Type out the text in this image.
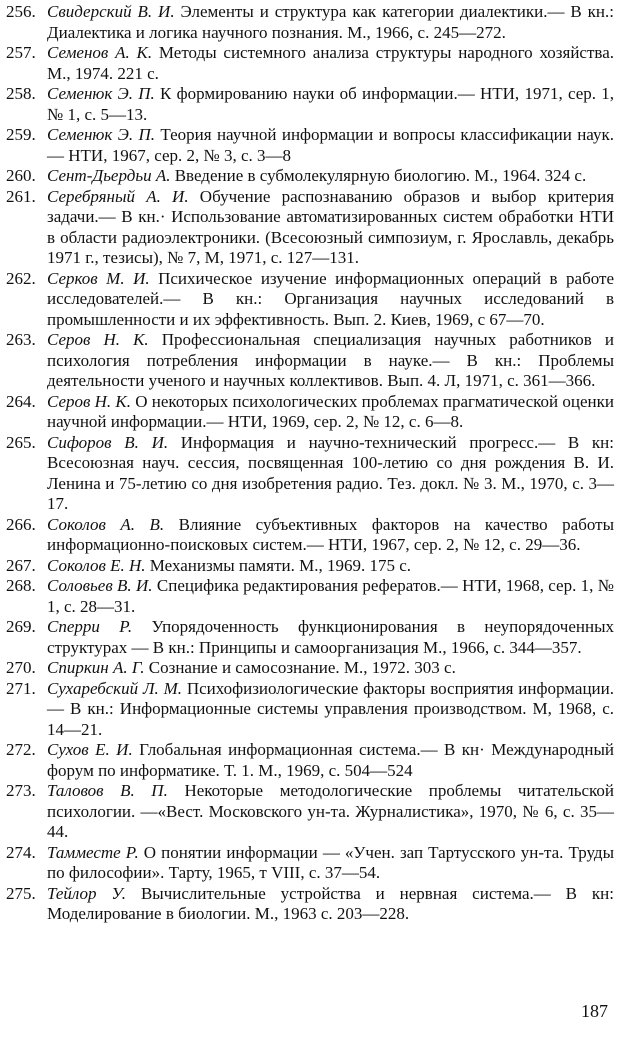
256. Свидерский В. И. Элементы и структура как категории диалектики.— В кн.: Диалектика и логика научного познания. М., 1966, с. 245—272.
257. Семенов А. К. Методы системного анализа структуры народного хозяйства. М., 1974. 221 с.
258. Семенюк Э. П. К формированию науки об информации.— НТИ, 1971, сер. 1, № 1, с. 5—13.
259. Семенюк Э. П. Теория научной информации и вопросы классификации наук.— НТИ, 1967, сер. 2, № 3, с. 3—8
260. Сент-Дьердьи А. Введение в субмолекулярную биологию. М., 1964. 324 с.
261. Серебряный А. И. Обучение распознаванию образов и выбор критерия задачи.— В кн.· Использование автоматизированных систем обработки НТИ в области радиоэлектроники. (Всесоюзный симпозиум, г. Ярославль, декабрь 1971 г., тезисы), № 7, М, 1971, с. 127—131.
262. Серков М. И. Психическое изучение информационных операций в работе исследователей.— В кн.: Организация научных исследований в промышленности и их эффективность. Вып. 2. Киев, 1969, с 67—70.
263. Серов Н. К. Профессиональная специализация научных работников и психология потребления информации в науке.— В кн.: Проблемы деятельности ученого и научных коллективов. Вып. 4. Л, 1971, с. 361—366.
264. Серов Н. К. О некоторых психологических проблемах прагматической оценки научной информации.— НТИ, 1969, сер. 2, № 12, с. 6—8.
265. Сифоров В. И. Информация и научно-технический прогресс.— В кн: Всесоюзная науч. сессия, посвященная 100-летию со дня рождения В. И. Ленина и 75-летию со дня изобретения радио. Тез. докл. № 3. М., 1970, с. 3—17.
266. Соколов А. В. Влияние субъективных факторов на качество работы информационно-поисковых систем.— НТИ, 1967, сер. 2, № 12, с. 29—36.
267. Соколов Е. Н. Механизмы памяти. М., 1969. 175 с.
268. Соловьев В. И. Специфика редактирования рефератов.— НТИ, 1968, сер. 1, № 1, с. 28—31.
269. Сперри Р. Упорядоченность функционирования в неупорядоченных структурах — В кн.: Принципы и самоорганизация М., 1966, с. 344—357.
270. Спиркин А. Г. Сознание и самосознание. М., 1972. 303 с.
271. Сухаребский Л. М. Психофизиологические факторы восприятия информации.— В кн.: Информационные системы управления производством. М, 1968, с. 14—21.
272. Сухов Е. И. Глобальная информационная система.— В кн· Международный форум по информатике. Т. 1. М., 1969, с. 504—524
273. Таловов В. П. Некоторые методологические проблемы читательской психологии. —«Вест. Московского ун-та. Журналистика», 1970, № 6, с. 35—44.
274. Тамместе Р. О понятии информации — «Учен. зап Тартусского ун-та. Труды по философии». Тарту, 1965, т VIII, с. 37—54.
275. Тейлор У. Вычислительные устройства и нервная система.— В кн: Моделирование в биологии. М., 1963 с. 203—228.
187
